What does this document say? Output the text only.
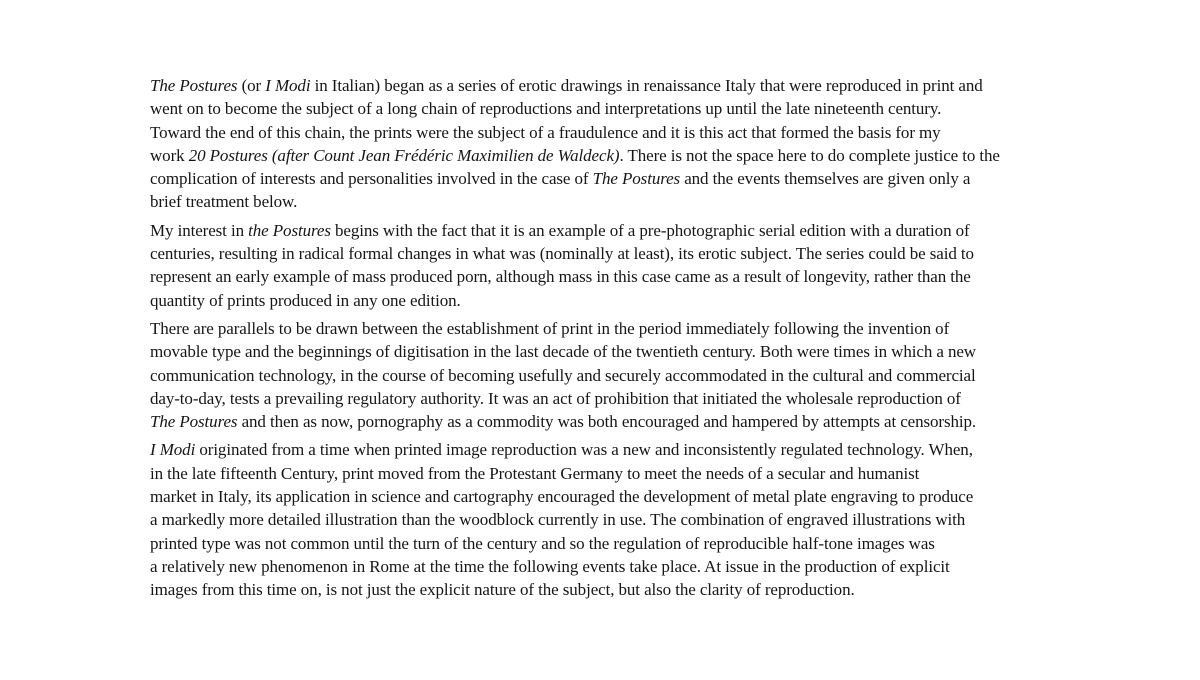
The Postures (or I Modi in Italian) began as a series of erotic drawings in renaissance Italy that were reproduced in print and
went on to become the subject of a long chain of reproductions and interpretations up until the late nineteenth century.
Toward the end of this chain, the prints were the subject of a fraudulence and it is this act that formed the basis for my
work 20 Postures (after Count Jean Frédéric Maximilien de Waldeck). There is not the space here to do complete justice to the
complication of interests and personalities involved in the case of The Postures and the events themselves are given only a
brief treatment below.

My interest in the Postures begins with the fact that it is an example of a pre-photographic serial edition with a duration of
centuries, resulting in radical formal changes in what was (nominally at least), its erotic subject. The series could be said to
represent an early example of mass produced porn, although mass in this case came as a result of longevity, rather than the
quantity of prints produced in any one edition.

There are parallels to be drawn between the establishment of print in the period immediately following the invention of
movable type and the beginnings of digitisation in the last decade of the twentieth century. Both were times in which a new
communication technology, in the course of becoming usefully and securely accommodated in the cultural and commercial
day-to-day, tests a prevailing regulatory authority. It was an act of prohibition that initiated the wholesale reproduction of
The Postures and then as now, pornography as a commodity was both encouraged and hampered by attempts at censorship.

I Modi originated from a time when printed image reproduction was a new and inconsistently regulated technology. When,
in the late fifteenth Century, print moved from the Protestant Germany to meet the needs of a secular and humanist
market in Italy, its application in science and cartography encouraged the development of metal plate engraving to produce
a markedly more detailed illustration than the woodblock currently in use. The combination of engraved illustrations with
printed type was not common until the turn of the century and so the regulation of reproducible half-tone images was
a relatively new phenomenon in Rome at the time the following events take place. At issue in the production of explicit
images from this time on, is not just the explicit nature of the subject, but also the clarity of reproduction.
